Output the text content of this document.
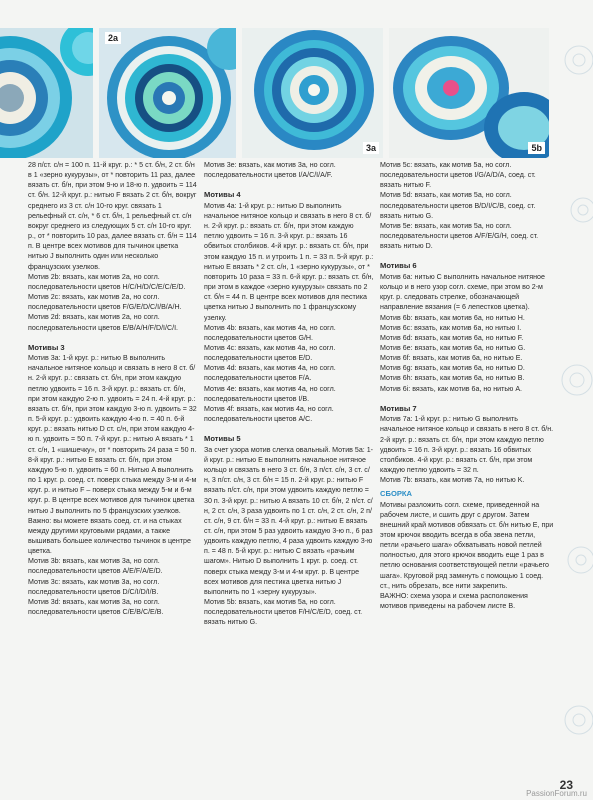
2a
3a	5b

28 п/ст. с/н = 100 п. 11-й круг. р.: * 5 ст. б/н, 2 ст. б/н в 1 «зерно кукурузы», от * повторить 11 раз, далее вязать ст. б/н, при этом 9-ю и 18-ю п. удвоить = 114 ст. б/н. 12-й круг. р.: нитью F вязать 2 ст. б/н, вокруг среднего из 3 ст. с/н 10-го круг. связать 1 рельефный ст. с/н, * 6 ст. б/н, 1 рельефный ст. с/н вокруг среднего из следующих 5 ст. с/н 10-го круг. р., от * повторить 10 раз, далее вязать ст. б/н = 114 п. В центре всех мотивов для тычинок цветка нитью J выполнить один или несколько французских узелков.

Мотив 2b: вязать, как мотив 2а, но согл. последовательности цветов H/C/H/D/C/E/C/E/D.

Мотив 2c: вязать, как мотив 2а, но согл. последовательности цветов F/G/E/D/C/I/B/A/H.

Мотив 2d: вязать, как мотив 2а, но согл. последовательности цветов E/B/A/H/F/D/I/C/I.

Мотивы 3

Мотив 3а: 1-й круг. р.: нитью B выполнить начальное нитяное кольцо и связать в него 8 ст. б/н. 2-й круг. р.: связать ст. б/н, при этом каждую петлю удвоить = 16 п. 3-й круг. р.: вязать ст. б/н, при этом каждую 2-ю п. удвоить = 24 п. 4-й круг. р.: вязать ст. б/н, при этом каждую 3-ю п. удвоить = 32 п. 5-й круг. р.: удвоить каждую 4-ю п. = 40 п. 6-й круг. р.: вязать нитью D ст. с/н, при этом каждую 4-ю п. удвоить = 50 п. 7-й круг. р.: нитью A вязать * 1 ст. с/н, 1 «шишечку», от * повторить 24 раза = 50 п. 8-й круг. р.: нитью E вязать ст. б/н, при этом каждую 5-ю п. удвоить = 60 п. Нитью A выполнить по 1 круг. р. соед. ст. поверх стыка между 3-м и 4-м круг. р. и нитью F – поверх стыка между 5-м и 6-м круг. р. В центре всех мотивов для тычинок цветка нитью J выполнить по 5 французских узелков.

Важно: вы можете вязать соед. ст. и на стыках между другими круговыми рядами, а также вышивать большее количество тычинок в центре цветка.

Мотив 3b: вязать, как мотив 3а, но согл. последовательности цветов A/E/F/A/E/D.

Мотив 3c: вязать, как мотив 3а, но согл. последовательности цветов D/C/I/D/I/B.

Мотив 3d: вязать, как мотив 3а, но согл. последовательности цветов C/E/B/C/E/B.

Мотив 3e: вязать, как мотив 3а, но согл. последовательности цветов I/A/C/I/A/F.

Мотивы 4

Мотив 4а: 1-й круг. р.: нитью D выполнить начальное нитяное кольцо и связать в него 8 ст. б/н. 2-й круг. р.: вязать ст. б/н, при этом каждую петлю удвоить = 16 п. 3-й круг. р.: вязать 16 обвитых столбиков. 4-й круг. р.: вязать ст. б/н, при этом каждую 15 п. и утроить 1 п. = 33 п. 5-й круг. р.: нитью E вязать * 2 ст. с/н, 1 «зерно кукурузы», от * повторить 10 раза = 33 п. 6-й круг. р.: вязать ст. б/н, при этом в каждое «зерно кукурузы» связать по 2 ст. б/н = 44 п. В центре всех мотивов для пестика цветка нитью J выполнить по 1 французскому узелку.

Мотив 4b: вязать, как мотив 4а, но согл. последовательности цветов G/H.

Мотив 4c: вязать, как мотив 4а, но согл. последовательности цветов E/D.

Мотив 4d: вязать, как мотив 4а, но согл. последовательности цветов F/A.

Мотив 4e: вязать, как мотив 4а, но согл. последовательности цветов I/B.

Мотив 4f: вязать, как мотив 4а, но согл. последовательности цветов A/C.

Мотивы 5

За счет узора мотив слегка овальный. Мотив 5а: 1-й круг. р.: нитью E выполнить начальное нитяное кольцо и связать в него 3 ст. б/н, 3 п/ст. с/н, 3 ст. с/н, 3 п/ст. с/н, 3 ст. б/н = 15 п. 2-й круг. р.: нитью F вязать п/ст. с/н, при этом удвоить каждую петлю = 30 п. 3-й круг. р.: нитью A вязать 10 ст. б/н, 2 п/ст. с/н, 2 ст. с/н, 3 раза удвоить по 1 ст. с/н, 2 ст. с/н, 2 п/ст. с/н, 9 ст. б/н = 33 п. 4-й круг. р.: нитью E вязать ст. с/н, при этом 5 раз удвоить каждую 3-ю п., 6 раз удвоить каждую петлю, 4 раза удвоить каждую 3-ю п. = 48 п. 5-й круг. р.: нитью C вязать «рачьим шагом». Нитью D выполнить 1 круг. р. соед. ст. поверх стыка между 3-м и 4-м круг. р. В центре всех мотивов для пестика цветка нитью J выполнить по 1 «зерну кукурузы».

Мотив 5b: вязать, как мотив 5а, но согл. последовательности цветов F/H/C/E/D, соед. ст. вязать нитью G.

Мотив 5c: вязать, как мотив 5а, но согл. последовательности цветов I/G/A/D/A, соед. ст. вязать нитью F.

Мотив 5d: вязать, как мотив 5а, но согл. последовательности цветов B/D/I/C/B, соед. ст. вязать нитью G.

Мотив 5e: вязать, как мотив 5а, но согл. последовательности цветов A/F/E/G/H, соед. ст. вязать нитью D.

Мотивы 6

Мотив 6а: нитью C выполнить начальное нитяное кольцо и в него узор согл. схеме, при этом во 2-м круг. р. следовать стрелке, обозначающей направление вязания (= 6 лепестков цветка).

Мотив 6b: вязать, как мотив 6а, но нитью H.

Мотив 6c: вязать, как мотив 6а, но нитью I.

Мотив 6d: вязать, как мотив 6а, но нитью F.

Мотив 6e: вязать, как мотив 6а, но нитью G.

Мотив 6f: вязать, как мотив 6а, но нитью E.

Мотив 6g: вязать, как мотив 6а, но нитью D.

Мотив 6h: вязать, как мотив 6а, но нитью B.

Мотив 6i: вязать, как мотив 6а, но нитью A.

Мотивы 7

Мотив 7а: 1-й круг. р.: нитью G выполнить начальное нитяное кольцо и связать в него 8 ст. б/н. 2-й круг. р.: вязать ст. б/н, при этом каждую петлю удвоить = 16 п. 3-й круг. р.: вязать 16 обвитых столбиков. 4-й круг. р.: вязать ст. б/н, при этом каждую петлю удвоить = 32 п.

Мотив 7b: вязать, как мотив 7а, но нитью K.

СБОРКА

Мотивы разложить согл. схеме, приведенной на рабочем листе, и сшить друг с другом. Затем внешний край мотивов обвязать ст. б/н нитью E, при этом крючок вводить всегда в оба звена петли, петли «рачьего шага» обхватывать новой петлей полностью, для этого крючок вводить еще 1 раз в петлю основания соответствующей петли «рачьего шага». Круговой ряд замкнуть с помощью 1 соед. ст., нить обрезать, все нити закрепить.

ВАЖНО: схема узора и схема расположения мотивов приведены на рабочем листе B.

23
PassionForum.ru
